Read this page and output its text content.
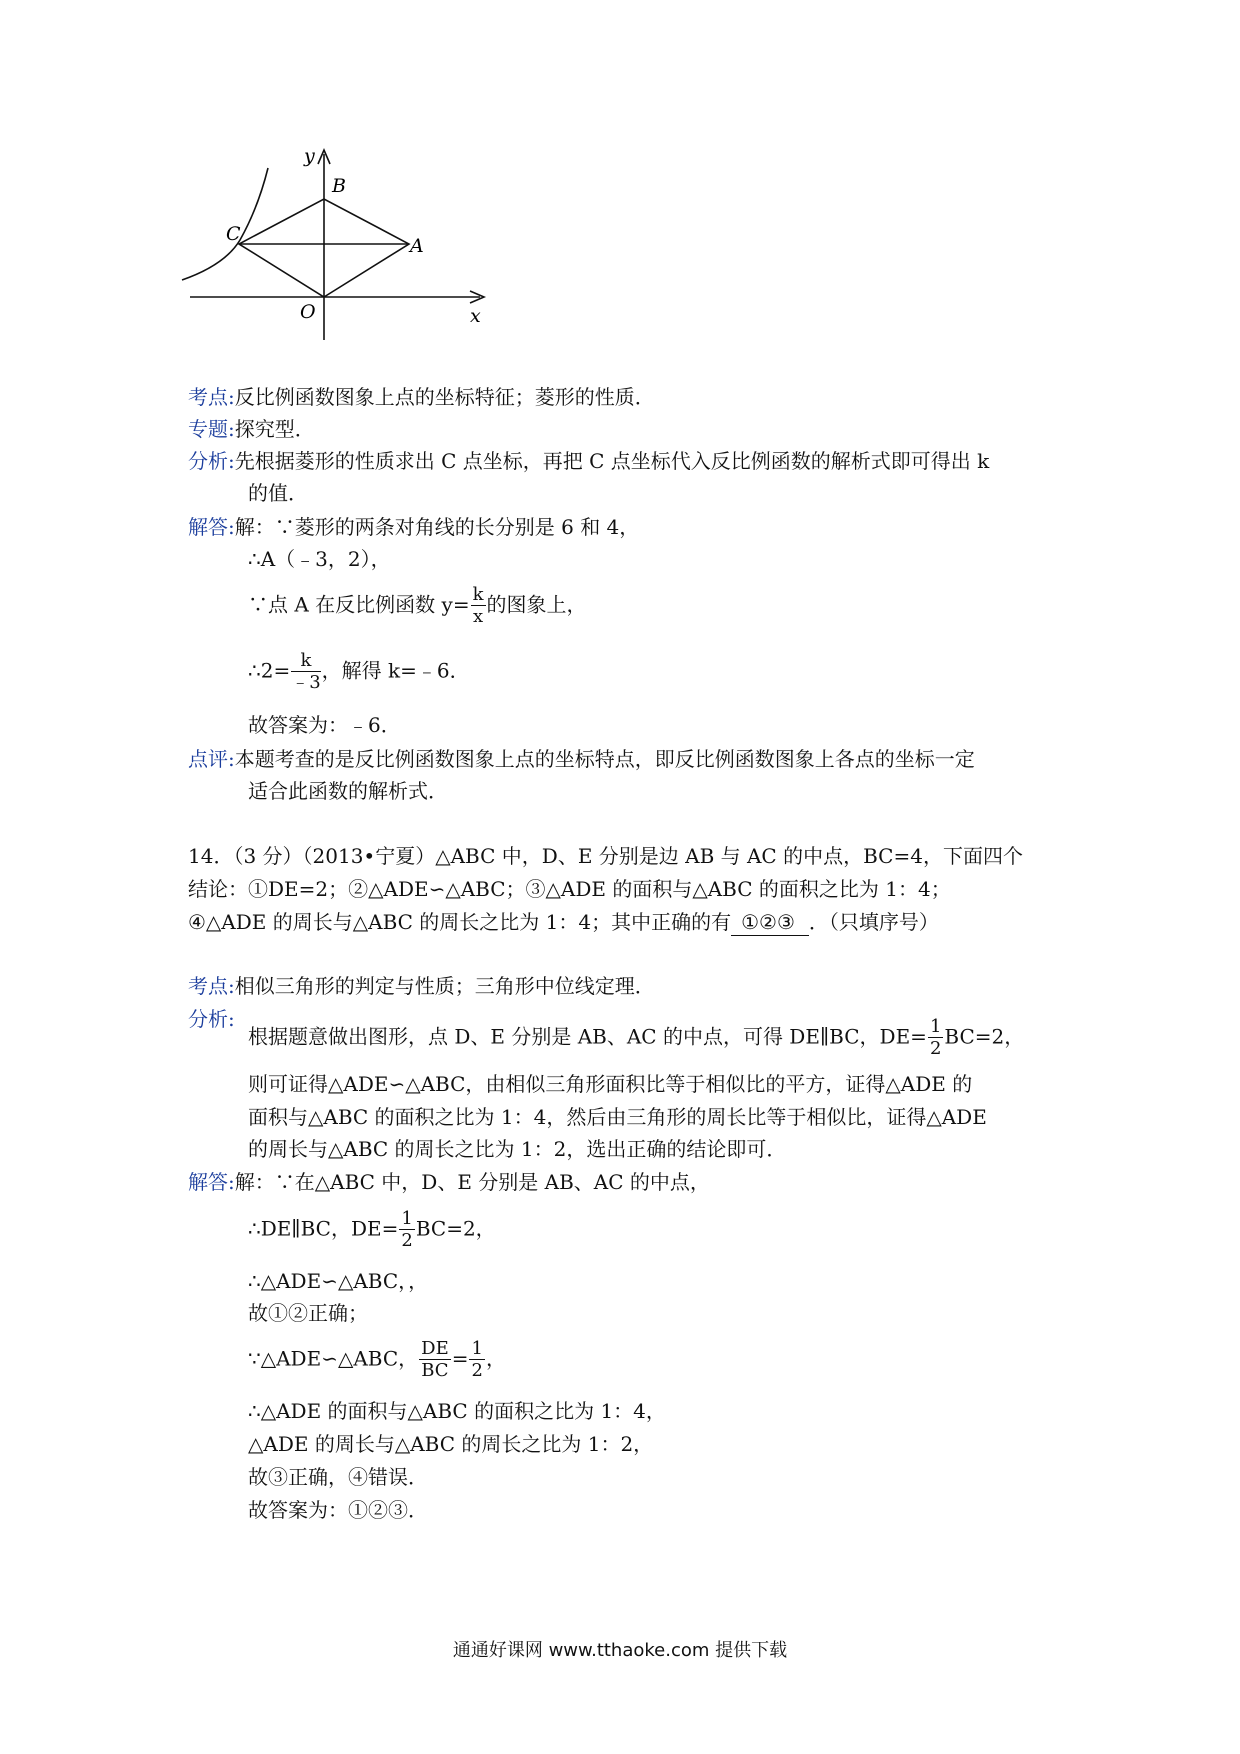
x
y
O
A
B
C
考点:反比例函数图象上点的坐标特征；菱形的性质．
专题:探究型．
分析:先根据菱形的性质求出 C 点坐标，再把 C 点坐标代入反比例函数的解析式即可得出 k
的值．
解答:解：∵菱形的两条对角线的长分别是 6 和 4，
∴A（﹣3，2），
∵点 A 在反比例函数 $y= \frac{k}{x}$ 的图象上，
∴2= $\frac{k}{﹣3}$ ，解得 k=﹣6．
故答案为：﹣6．
点评:本题考查的是反比例函数图象上点的坐标特点，即反比例函数图象上各点的坐标一定
适合此函数的解析式．
14．（3 分）（2013•宁夏）△ABC 中，D、E 分别是边 AB 与 AC 的中点，BC=4，下面四个
结论：①DE=2；②△ADE∽△ABC；③△ADE 的面积与△ABC 的面积之比为 1：4；
④△ADE 的周长与△ABC 的周长之比为 1：4；其中正确的有 ①②③ ．（只填序号）
考点:相似三角形的判定与性质；三角形中位线定理．
分析:
根据题意做出图形，点 D、E 分别是 AB、AC 的中点，可得 DE∥BC，$DE= \frac{1}{2} BC=2$，
则可证得△ADE∽△ABC，由相似三角形面积比等于相似比的平方，证得△ADE 的
面积与△ABC 的面积之比为 1：4，然后由三角形的周长比等于相似比，证得△ADE
的周长与△ABC 的周长之比为 1：2，选出正确的结论即可．
解答:解：∵在△ABC 中，D、E 分别是 AB、AC 的中点，
∴DE∥BC，$DE= \frac{1}{2} BC=2$，
∴△ADE∽△ABC，，
故①②正确；
∵△ADE∽△ABC， $\frac{DE}{BC} = \frac{1}{2}$ ，
∴△ADE 的面积与△ABC 的面积之比为 1：4，
△ADE 的周长与△ABC 的周长之比为 1：2，
故③正确，④错误．
故答案为：①②③．
通通好课网 www.tthaoke.com 提供下载
